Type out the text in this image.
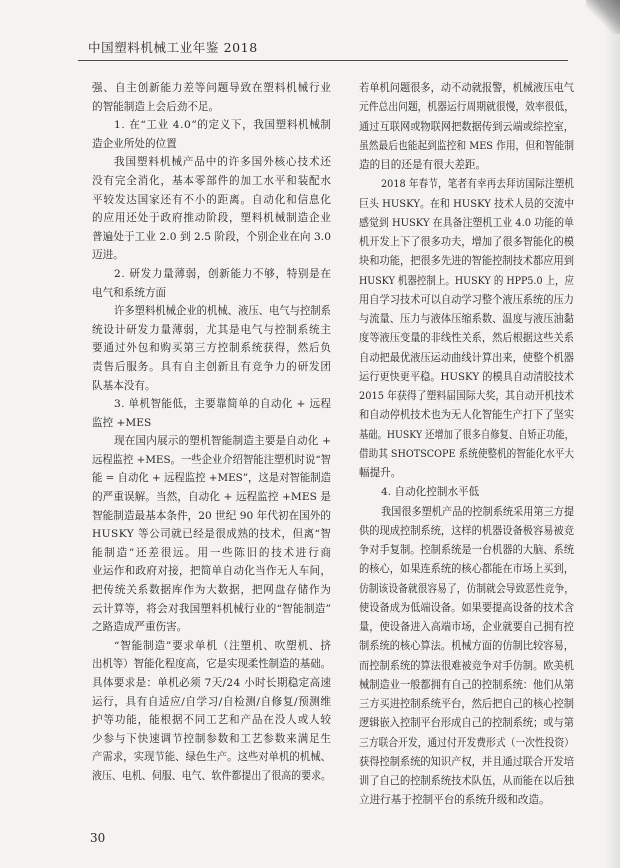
中国塑料机械工业年鉴 2018
强、自主创新能力差等问题导致在塑料机械行业
的智能制造上会后劲不足。
1. 在“工业 4.0”的定义下，我国塑料机械制
造企业所处的位置
我国塑料机械产品中的许多国外核心技术还
没有完全消化，基本零部件的加工水平和装配水
平较发达国家还有不小的距离。自动化和信息化
的应用还处于政府推动阶段，塑料机械制造企业
普遍处于工业 2.0 到 2.5 阶段，个别企业在向 3.0
迈进。
2. 研发力量薄弱，创新能力不够，特别是在
电气和系统方面
许多塑料机械企业的机械、液压、电气与控制系
统设计研发力量薄弱，尤其是电气与控制系统主
要通过外包和购买第三方控制系统获得，然后负
责售后服务。具有自主创新且有竞争力的研发团
队基本没有。
3. 单机智能低，主要靠简单的自动化 + 远程
监控 +MES
现在国内展示的塑机智能制造主要是自动化 +
远程监控 +MES。一些企业介绍智能注塑机时说“智
能 = 自动化 + 远程监控 +MES”，这是对智能制造
的严重误解。当然，自动化 + 远程监控 +MES 是
智能制造最基本条件，20 世纪 90 年代初在国外的
HUSKY 等公司就已经是很成熟的技术，但离“智
能制造”还差很远。用一些陈旧的技术进行商
业运作和政府对接，把简单自动化当作无人车间，
把传统关系数据库作为大数据，把网盘存储作为
云计算等，将会对我国塑料机械行业的“智能制造”
之路造成严重伤害。
“智能制造”要求单机（注塑机、吹塑机、挤
出机等）智能化程度高，它是实现柔性制造的基础。
具体要求是：单机必须 7天/24 小时长期稳定高速
运行，具有自适应/自学习/自检测/自修复/预测维
护等功能，能根据不同工艺和产品在没人或人较
少参与下快速调节控制参数和工艺参数来满足生
产需求，实现节能、绿色生产。这些对单机的机械、
液压、电机、伺服、电气、软件都提出了很高的要求。
若单机问题很多，动不动就报警，机械液压电气
元件总出问题，机器运行周期就很慢，效率很低，
通过互联网或物联网把数据传到云端或综控室，
虽然最后也能起到监控和 MES 作用，但和智能制
造的目的还是有很大差距。
2018 年春节，笔者有幸再去拜访国际注塑机
巨头 HUSKY。在和 HUSKY 技术人员的交流中
感觉到 HUSKY 在具备注塑机工业 4.0 功能的单
机开发上下了很多功夫，增加了很多智能化的模
块和功能，把很多先进的智能控制技术都应用到
HUSKY 机器控制上。HUSKY 的 HPP5.0 上，应
用自学习技术可以自动学习整个液压系统的压力
与流量、压力与液体压缩系数、温度与液压油黏
度等液压变量的非线性关系，然后根据这些关系
自动把最优液压运动曲线计算出来，使整个机器
运行更快更平稳。HUSKY 的模具自动清胶技术
2015 年获得了塑料届国际大奖，其自动开机技术
和自动停机技术也为无人化智能生产打下了坚实
基础。HUSKY 还增加了很多自修复、自矫正功能，
借助其 SHOTSCOPE 系统使整机的智能化水平大
幅提升。
4. 自动化控制水平低
我国很多塑机产品的控制系统采用第三方提
供的现成控制系统，这样的机器设备极容易被竞
争对手复制。控制系统是一台机器的大脑、系统
的核心，如果连系统的核心都能在市场上买到，
仿制该设备就很容易了，仿制就会导致恶性竞争，
使设备成为低端设备。如果要提高设备的技术含
量，使设备进入高端市场，企业就要自己拥有控
制系统的核心算法。机械方面的仿制比较容易，
而控制系统的算法很难被竞争对手仿制。欧美机
械制造业一般都拥有自己的控制系统：他们从第
三方买进控制系统平台，然后把自己的核心控制
逻辑嵌入控制平台形成自己的控制系统；或与第
三方联合开发，通过付开发费形式（一次性投资）
获得控制系统的知识产权，并且通过联合开发培
训了自己的控制系统技术队伍，从而能在以后独
立进行基于控制平台的系统升级和改造。
30
